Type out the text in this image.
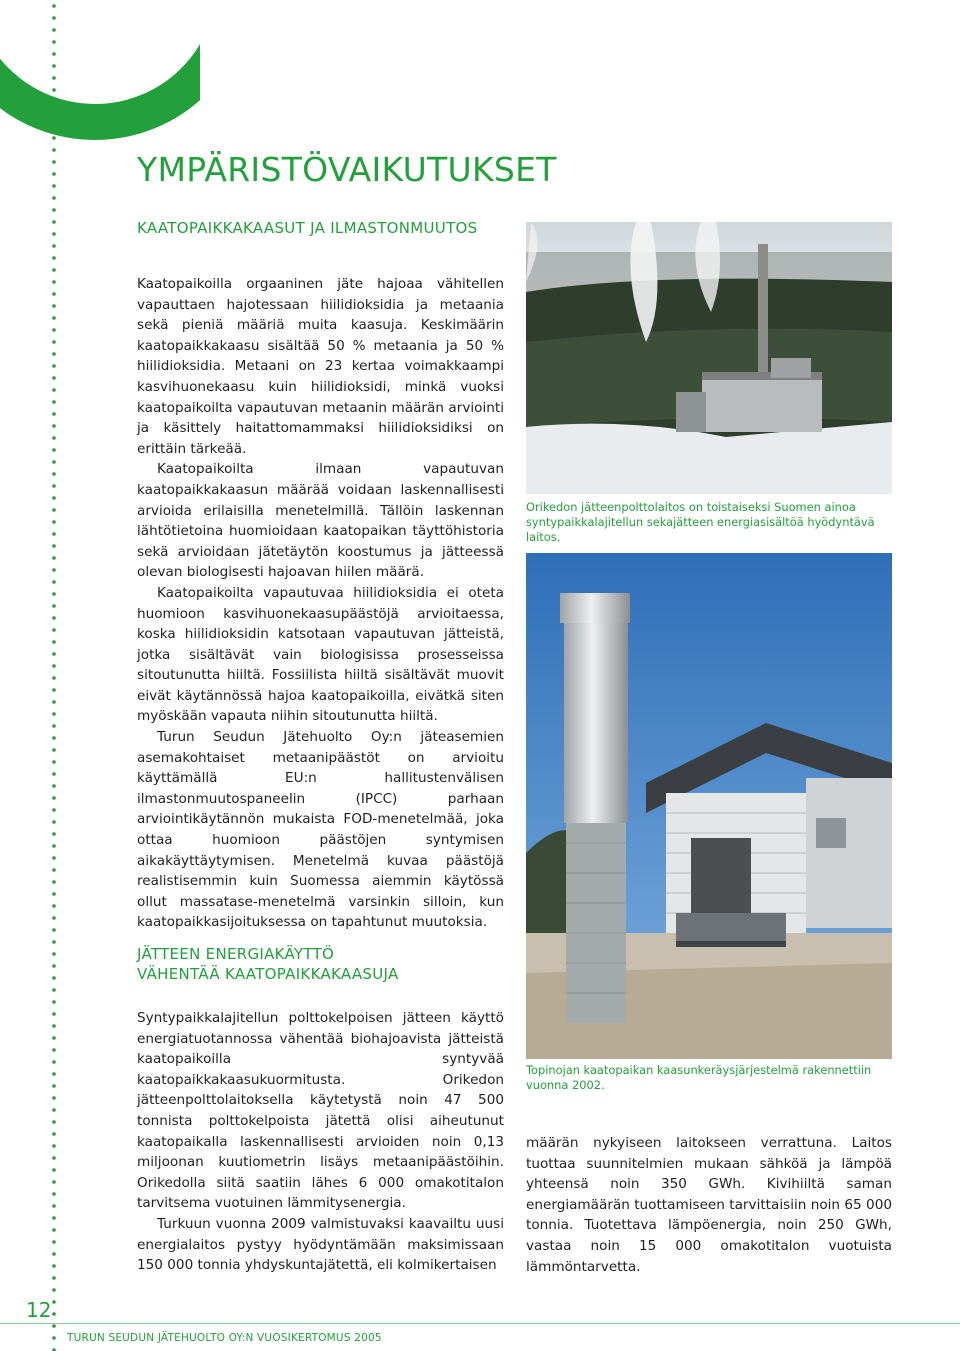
YMPÄRISTÖVAIKUTUKSET
KAATOPAIKKAKAASUT JA ILMASTONMUUTOS

Kaatopaikoilla orgaaninen jäte hajoaa vähitellen vapauttaen hajotessaan hiilidioksidia ja metaania sekä pieniä määriä muita kaasuja. Keskimäärin kaatopaikkakaasu sisältää 50 % metaania ja 50 % hiilidioksidia. Metaani on 23 kertaa voimakkaampi kasvihuonekaasu kuin hiilidioksidi, minkä vuoksi kaatopaikoilta vapautuvan metaanin määrän arviointi ja käsittely haitattomammaksi hiilidioksidiksi on erittäin tärkeää.

Kaatopaikoilta ilmaan vapautuvan kaatopaikkakaasun määrää voidaan laskennallisesti arvioida erilaisilla menetelmillä. Tällöin laskennan lähtötietoina huomioidaan kaatopaikan täyttöhistoria sekä arvioidaan jätetäytön koostumus ja jätteessä olevan biologisesti hajoavan hiilen määrä.

Kaatopaikoilta vapautuvaa hiilidioksidia ei oteta huomioon kasvihuonekaasupäästöjä arvioitaessa, koska hiilidioksidin katsotaan vapautuvan jätteistä, jotka sisältävät vain biologisissa prosesseissa sitoutunutta hiiltä. Fossiilista hiiltä sisältävät muovit eivät käytännössä hajoa kaatopaikoilla, eivätkä siten myöskään vapauta niihin sitoutunutta hiiltä.

Turun Seudun Jätehuolto Oy:n jäteasemien asemakohtaiset metaanipäästöt on arvioitu käyttämällä EU:n hallitustenvälisen ilmastonmuutospaneelin (IPCC) parhaan arviointikäytännön mukaista FOD-menetelmää, joka ottaa huomioon päästöjen syntymisen aikakäyttäytymisen. Menetelmä kuvaa päästöjä realistisemmin kuin Suomessa aiemmin käytössä ollut massatase-menetelmä varsinkin silloin, kun kaatopaikkasijoituksessa on tapahtunut muutoksia.

Orikedon jätteenpolttolaitos on toistaiseksi Suomen ainoa syntypaikkalajitellun sekajätteen energiasisältöä hyödyntävä laitos.

Topinojan kaatopaikan kaasunkeräysjärjestelmä rakennettiin vuonna 2002.

JÄTTEEN ENERGIAKÄYTTÖ
VÄHENTÄÄ KAATOPAIKKAKAASUJA

Syntypaikkalajitellun polttokelpoisen jätteen käyttö energiatuotannossa vähentää biohajoavista jätteistä kaatopaikoilla syntyvää kaatopaikkakaasukuormitusta. Orikedon jätteenpolttolaitoksella käytetystä noin 47 500 tonnista polttokelpoista jätettä olisi aiheutunut kaatopaikalla laskennallisesti arvioiden noin 0,13 miljoonan kuutiometrin lisäys metaanipäästöihin. Orikedolla siitä saatiin lähes 6 000 omakotitalon tarvitsema vuotuinen lämmitysenergia.

Turkuun vuonna 2009 valmistuvaksi kaavailtu uusi energialaitos pystyy hyödyntämään maksimissaan 150 000 tonnia yhdyskuntajätettä, eli kolmikertaisen

määrän nykyiseen laitokseen verrattuna. Laitos tuottaa suunnitelmien mukaan sähköä ja lämpöä yhteensä noin 350 GWh. Kivihiiltä saman energiamäärän tuottamiseen tarvittaisiin noin 65 000 tonnia. Tuotettava lämpöenergia, noin 250 GWh, vastaa noin 15 000 omakotitalon vuotuista lämmöntarvetta.

12
TURUN SEUDUN JÄTEHUOLTO OY:N VUOSIKERTOMUS 2005
